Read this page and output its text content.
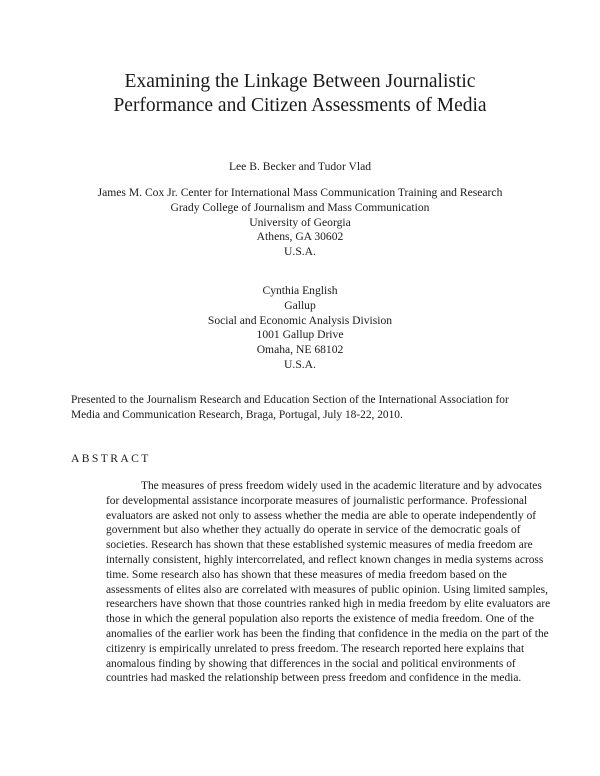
Examining the Linkage Between Journalistic
Performance and Citizen Assessments of Media
Lee B. Becker and Tudor Vlad
James M. Cox Jr. Center for International Mass Communication Training and Research
Grady College of Journalism and Mass Communication
University of Georgia
Athens, GA 30602
U.S.A.
Cynthia English
Gallup
Social and Economic Analysis Division
1001 Gallup Drive
Omaha, NE 68102
U.S.A.
Presented to the Journalism Research and Education Section of the International Association for
Media and Communication Research, Braga, Portugal, July 18-22, 2010.
ABSTRACT
The measures of press freedom widely used in the academic literature and by advocates
for developmental assistance incorporate measures of journalistic performance. Professional
evaluators are asked not only to assess whether the media are able to operate independently of
government but also whether they actually do operate in service of the democratic goals of
societies. Research has shown that these established systemic measures of media freedom are
internally consistent, highly intercorrelated, and reflect known changes in media systems across
time. Some research also has shown that these measures of media freedom based on the
assessments of elites also are correlated with measures of public opinion. Using limited samples,
researchers have shown that those countries ranked high in media freedom by elite evaluators are
those in which the general population also reports the existence of media freedom. One of the
anomalies of the earlier work has been the finding that confidence in the media on the part of the
citizenry is empirically unrelated to press freedom. The research reported here explains that
anomalous finding by showing that differences in the social and political environments of
countries had masked the relationship between press freedom and confidence in the media.
